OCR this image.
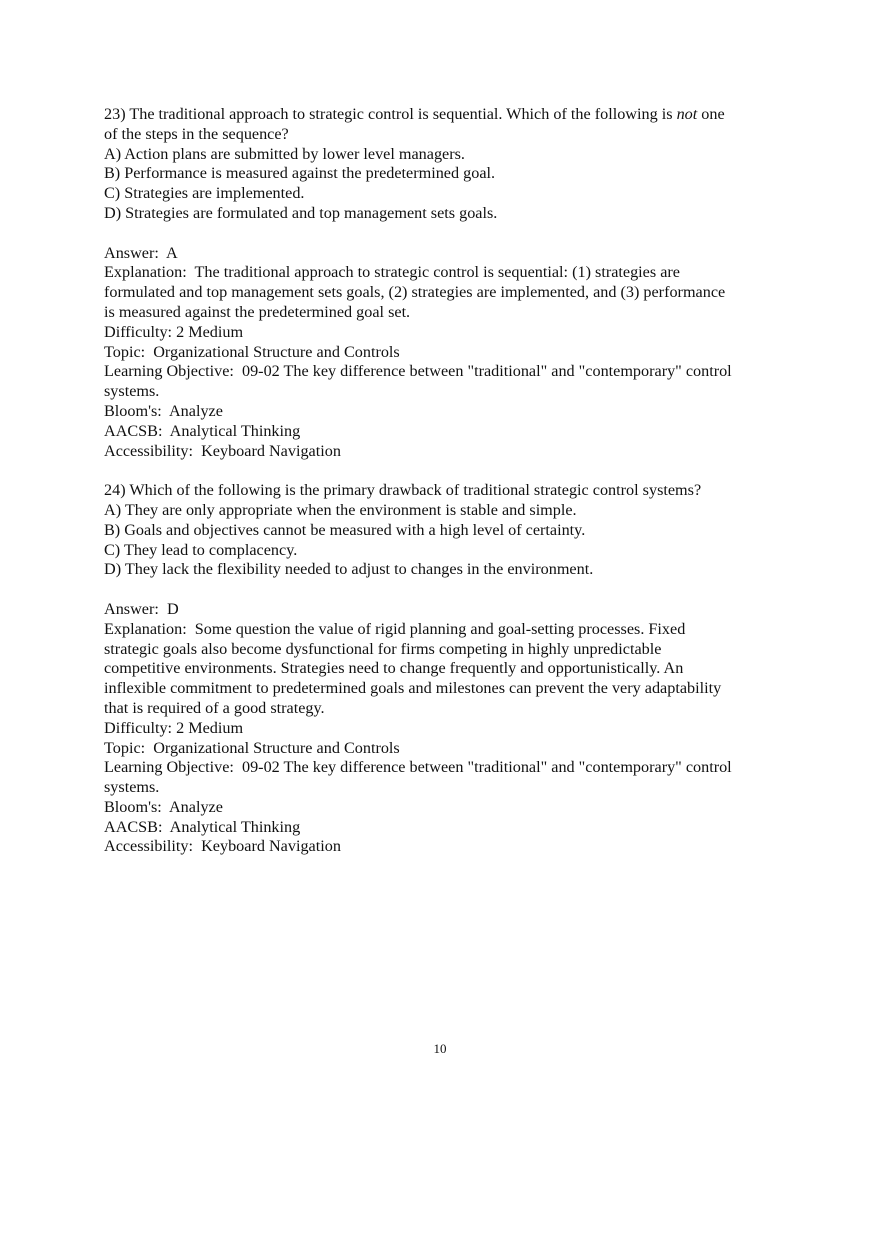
23) The traditional approach to strategic control is sequential. Which of the following is not one
of the steps in the sequence?
A) Action plans are submitted by lower level managers.
B) Performance is measured against the predetermined goal.
C) Strategies are implemented.
D) Strategies are formulated and top management sets goals.
Answer:  A
Explanation:  The traditional approach to strategic control is sequential: (1) strategies are
formulated and top management sets goals, (2) strategies are implemented, and (3) performance
is measured against the predetermined goal set.
Difficulty: 2 Medium
Topic:  Organizational Structure and Controls
Learning Objective:  09-02 The key difference between "traditional" and "contemporary" control
systems.
Bloom's:  Analyze
AACSB:  Analytical Thinking
Accessibility:  Keyboard Navigation
24) Which of the following is the primary drawback of traditional strategic control systems?
A) They are only appropriate when the environment is stable and simple.
B) Goals and objectives cannot be measured with a high level of certainty.
C) They lead to complacency.
D) They lack the flexibility needed to adjust to changes in the environment.
Answer:  D
Explanation:  Some question the value of rigid planning and goal-setting processes. Fixed
strategic goals also become dysfunctional for firms competing in highly unpredictable
competitive environments. Strategies need to change frequently and opportunistically. An
inflexible commitment to predetermined goals and milestones can prevent the very adaptability
that is required of a good strategy.
Difficulty: 2 Medium
Topic:  Organizational Structure and Controls
Learning Objective:  09-02 The key difference between "traditional" and "contemporary" control
systems.
Bloom's:  Analyze
AACSB:  Analytical Thinking
Accessibility:  Keyboard Navigation
10
